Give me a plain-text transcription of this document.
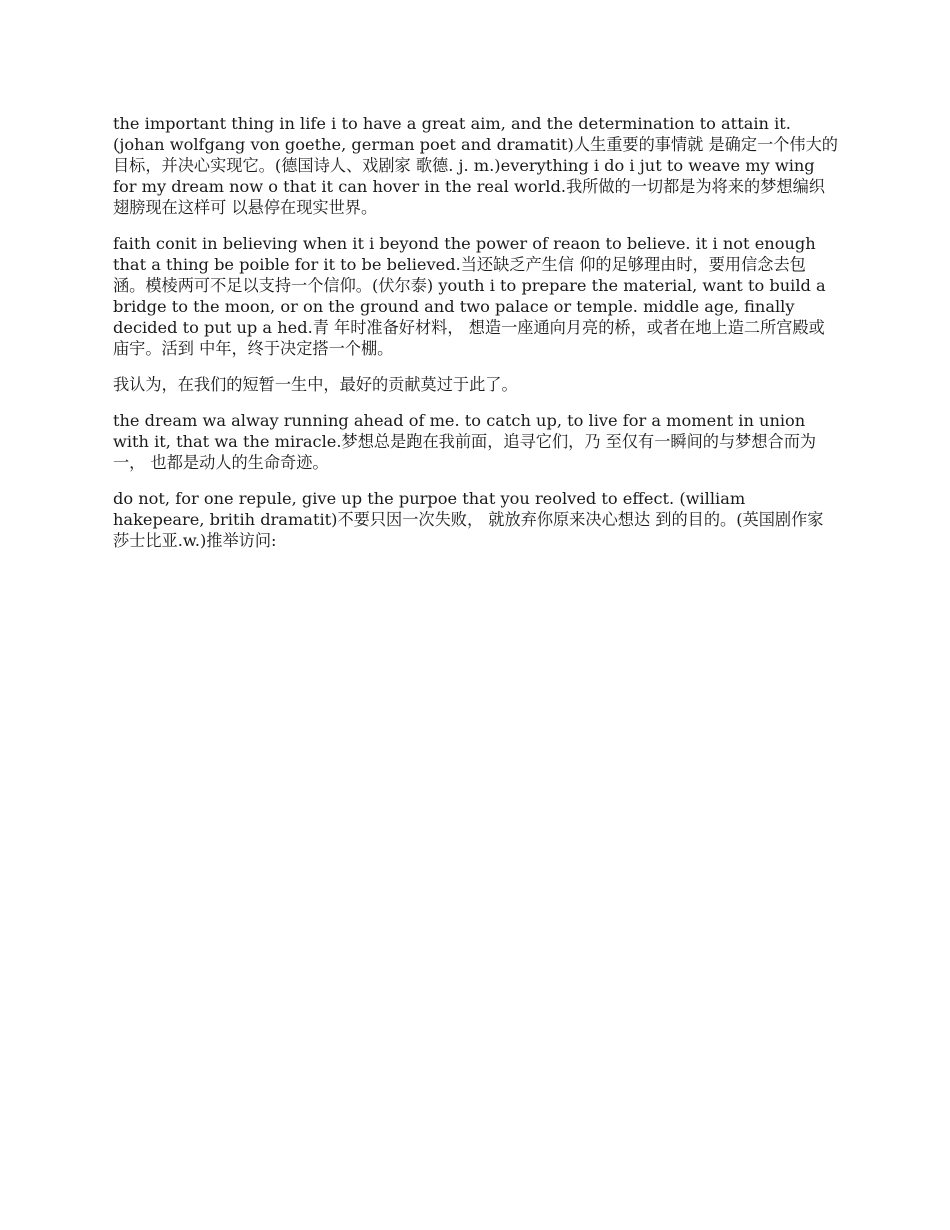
the important thing in life i to have a great aim, and the determination to attain it. (johan wolfgang von goethe, german poet and dramatit)人生重要的事情就 是确定一个伟大的目标，并决心实现它。(德国诗人、戏剧家 歌德. j. m.)everything i do i jut to weave my wing for my dream now o that it can hover in the real world.我所做的一切都是为将来的梦想编织翅膀现在这样可 以悬停在现实世界。

faith conit in believing when it i beyond the power of reaon to believe. it i not enough that a thing be poible for it to be believed.当还缺乏产生信 仰的足够理由时，要用信念去包涵。模棱两可不足以支持一个信仰。(伏尔泰) youth i to prepare the material, want to build a bridge to the moon, or on the ground and two palace or temple. middle age, finally decided to put up a hed.青 年时准备好材料， 想造一座通向月亮的桥，或者在地上造二所宫殿或庙宇。活到 中年，终于决定搭一个棚。

我认为，在我们的短暂一生中，最好的贡献莫过于此了。

the dream wa alway running ahead of me. to catch up, to live for a moment in union with it, that wa the miracle.梦想总是跑在我前面，追寻它们，乃 至仅有一瞬间的与梦想合而为一， 也都是动人的生命奇迹。

do not, for one repule, give up the purpoe that you reolved to effect. (william hakepeare, britih dramatit)不要只因一次失败， 就放弃你原来决心想达 到的目的。(英国剧作家 莎士比亚.w.)推举访问:
